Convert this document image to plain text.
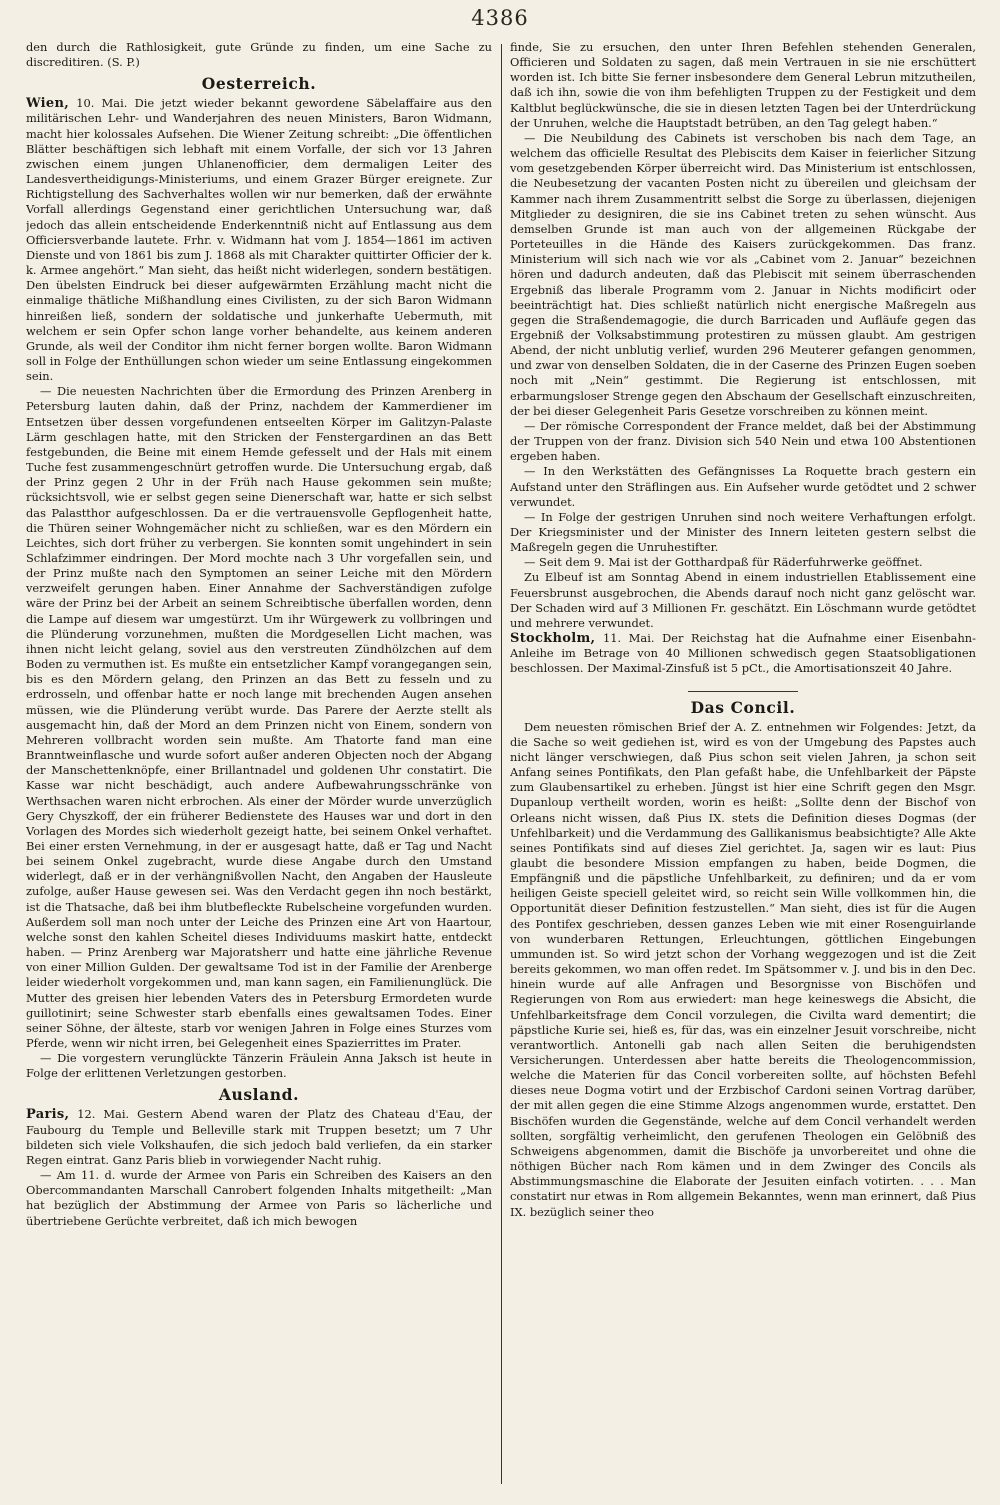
4386

den durch die Rathlosigkeit, gute Gründe zu finden, um eine Sache zu discreditiren. (S. P.)

Oesterreich.

Wien, 10. Mai. Die jetzt wieder bekannt gewordene Säbelaffaire aus den militärischen Lehr- und Wanderjahren des neuen Ministers, Baron Widmann, macht hier kolossales Aufsehen. Die Wiener Zeitung schreibt: „Die öffentlichen Blätter beschäftigen sich lebhaft mit einem Vorfalle, der sich vor 13 Jahren zwischen einem jungen Uhlanenofficier, dem dermaligen Leiter des Landesvertheidigungs-Ministeriums, und einem Grazer Bürger ereignete. Zur Richtigstellung des Sachverhaltes wollen wir nur bemerken, daß der erwähnte Vorfall allerdings Gegenstand einer gerichtlichen Untersuchung war, daß jedoch das allein entscheidende Enderkenntniß nicht auf Entlassung aus dem Officiersverbande lautete. Frhr. v. Widmann hat vom J. 1854—1861 im activen Dienste und von 1861 bis zum J. 1868 als mit Charakter quittirter Officier der k. k. Armee angehört.“ Man sieht, das heißt nicht widerlegen, sondern bestätigen. Den übelsten Eindruck bei dieser aufgewärmten Erzählung macht nicht die einmalige thätliche Mißhandlung eines Civilisten, zu der sich Baron Widmann hinreißen ließ, sondern der soldatische und junkerhafte Uebermuth, mit welchem er sein Opfer schon lange vorher behandelte, aus keinem anderen Grunde, als weil der Conditor ihm nicht ferner borgen wollte. Baron Widmann soll in Folge der Enthüllungen schon wieder um seine Entlassung eingekommen sein.

— Die neuesten Nachrichten über die Ermordung des Prinzen Arenberg in Petersburg lauten dahin, daß der Prinz, nachdem der Kammerdiener im Entsetzen über dessen vorgefundenen entseelten Körper im Galitzyn-Palaste Lärm geschlagen hatte, mit den Stricken der Fenstergardinen an das Bett festgebunden, die Beine mit einem Hemde gefesselt und der Hals mit einem Tuche fest zusammengeschnürt getroffen wurde. Die Untersuchung ergab, daß der Prinz gegen 2 Uhr in der Früh nach Hause gekommen sein mußte; rücksichtsvoll, wie er selbst gegen seine Dienerschaft war, hatte er sich selbst das Palastthor aufgeschlossen. Da er die vertrauensvolle Gepflogenheit hatte, die Thüren seiner Wohngemächer nicht zu schließen, war es den Mördern ein Leichtes, sich dort früher zu verbergen. Sie konnten somit ungehindert in sein Schlafzimmer eindringen. Der Mord mochte nach 3 Uhr vorgefallen sein, und der Prinz mußte nach den Symptomen an seiner Leiche mit den Mördern verzweifelt gerungen haben. Einer Annahme der Sachverständigen zufolge wäre der Prinz bei der Arbeit an seinem Schreibtische überfallen worden, denn die Lampe auf diesem war umgestürzt. Um ihr Würgewerk zu vollbringen und die Plünderung vorzunehmen, mußten die Mordgesellen Licht machen, was ihnen nicht leicht gelang, soviel aus den verstreuten Zündhölzchen auf dem Boden zu vermuthen ist. Es mußte ein entsetzlicher Kampf vorangegangen sein, bis es den Mördern gelang, den Prinzen an das Bett zu fesseln und zu erdrosseln, und offenbar hatte er noch lange mit brechenden Augen ansehen müssen, wie die Plünderung verübt wurde. Das Parere der Aerzte stellt als ausgemacht hin, daß der Mord an dem Prinzen nicht von Einem, sondern von Mehreren vollbracht worden sein mußte. Am Thatorte fand man eine Branntweinflasche und wurde sofort außer anderen Objecten noch der Abgang der Manschettenknöpfe, einer Brillantnadel und goldenen Uhr constatirt. Die Kasse war nicht beschädigt, auch andere Aufbewahrungsschränke von Werthsachen waren nicht erbrochen. Als einer der Mörder wurde unverzüglich Gery Chyszkoff, der ein früherer Bedienstete des Hauses war und dort in den Vorlagen des Mordes sich wiederholt gezeigt hatte, bei seinem Onkel verhaftet. Bei einer ersten Vernehmung, in der er ausgesagt hatte, daß er Tag und Nacht bei seinem Onkel zugebracht, wurde diese Angabe durch den Umstand widerlegt, daß er in der verhängnißvollen Nacht, den Angaben der Hausleute zufolge, außer Hause gewesen sei. Was den Verdacht gegen ihn noch bestärkt, ist die Thatsache, daß bei ihm blutbefleckte Rubelscheine vorgefunden wurden. Außerdem soll man noch unter der Leiche des Prinzen eine Art von Haartour, welche sonst den kahlen Scheitel dieses Individuums maskirt hatte, entdeckt haben. — Prinz Arenberg war Majoratsherr und hatte eine jährliche Revenue von einer Million Gulden. Der gewaltsame Tod ist in der Familie der Arenberge leider wiederholt vorgekommen und, man kann sagen, ein Familienunglück. Die Mutter des greisen hier lebenden Vaters des in Petersburg Ermordeten wurde guillotinirt; seine Schwester starb ebenfalls eines gewaltsamen Todes. Einer seiner Söhne, der älteste, starb vor wenigen Jahren in Folge eines Sturzes vom Pferde, wenn wir nicht irren, bei Gelegenheit eines Spazierrittes im Prater.

— Die vorgestern verunglückte Tänzerin Fräulein Anna Jaksch ist heute in Folge der erlittenen Verletzungen gestorben.

Ausland.

Paris, 12. Mai. Gestern Abend waren der Platz des Chateau d'Eau, der Faubourg du Temple und Belleville stark mit Truppen besetzt; um 7 Uhr bildeten sich viele Volkshaufen, die sich jedoch bald verliefen, da ein starker Regen eintrat. Ganz Paris blieb in vorwiegender Nacht ruhig.

— Am 11. d. wurde der Armee von Paris ein Schreiben des Kaisers an den Obercommandanten Marschall Canrobert folgenden Inhalts mitgetheilt: „Man hat bezüglich der Abstimmung der Armee von Paris so lächerliche und übertriebene Gerüchte verbreitet, daß ich mich bewogen

finde, Sie zu ersuchen, den unter Ihren Befehlen stehenden Generalen, Officieren und Soldaten zu sagen, daß mein Vertrauen in sie nie erschüttert worden ist. Ich bitte Sie ferner insbesondere dem General Lebrun mitzutheilen, daß ich ihn, sowie die von ihm befehligten Truppen zu der Festigkeit und dem Kaltblut beglückwünsche, die sie in diesen letzten Tagen bei der Unterdrückung der Unruhen, welche die Hauptstadt betrüben, an den Tag gelegt haben.“

— Die Neubildung des Cabinets ist verschoben bis nach dem Tage, an welchem das officielle Resultat des Plebiscits dem Kaiser in feierlicher Sitzung vom gesetzgebenden Körper überreicht wird. Das Ministerium ist entschlossen, die Neubesetzung der vacanten Posten nicht zu übereilen und gleichsam der Kammer nach ihrem Zusammentritt selbst die Sorge zu überlassen, diejenigen Mitglieder zu designiren, die sie ins Cabinet treten zu sehen wünscht. Aus demselben Grunde ist man auch von der allgemeinen Rückgabe der Porteteuilles in die Hände des Kaisers zurückgekommen. Das franz. Ministerium will sich nach wie vor als „Cabinet vom 2. Januar“ bezeichnen hören und dadurch andeuten, daß das Plebiscit mit seinem überraschenden Ergebniß das liberale Programm vom 2. Januar in Nichts modificirt oder beeinträchtigt hat. Dies schließt natürlich nicht energische Maßregeln aus gegen die Straßendemagogie, die durch Barricaden und Aufläufe gegen das Ergebniß der Volksabstimmung protestiren zu müssen glaubt. Am gestrigen Abend, der nicht unblutig verlief, wurden 296 Meuterer gefangen genommen, und zwar von denselben Soldaten, die in der Caserne des Prinzen Eugen soeben noch mit „Nein“ gestimmt. Die Regierung ist entschlossen, mit erbarmungsloser Strenge gegen den Abschaum der Gesellschaft einzuschreiten, der bei dieser Gelegenheit Paris Gesetze vorschreiben zu können meint.

— Der römische Correspondent der France meldet, daß bei der Abstimmung der Truppen von der franz. Division sich 540 Nein und etwa 100 Abstentionen ergeben haben.

— In den Werkstätten des Gefängnisses La Roquette brach gestern ein Aufstand unter den Sträflingen aus. Ein Aufseher wurde getödtet und 2 schwer verwundet.

— In Folge der gestrigen Unruhen sind noch weitere Verhaftungen erfolgt. Der Kriegsminister und der Minister des Innern leiteten gestern selbst die Maßregeln gegen die Unruhestifter.

— Seit dem 9. Mai ist der Gotthardpaß für Räderfuhrwerke geöffnet.

Zu Elbeuf ist am Sonntag Abend in einem industriellen Etablissement eine Feuersbrunst ausgebrochen, die Abends darauf noch nicht ganz gelöscht war. Der Schaden wird auf 3 Millionen Fr. geschätzt. Ein Löschmann wurde getödtet und mehrere verwundet.

Stockholm, 11. Mai. Der Reichstag hat die Aufnahme einer Eisenbahn-Anleihe im Betrage von 40 Millionen schwedisch gegen Staatsobligationen beschlossen. Der Maximal-Zinsfuß ist 5 pCt., die Amortisationszeit 40 Jahre.

Das Concil.

Dem neuesten römischen Brief der A. Z. entnehmen wir Folgendes: Jetzt, da die Sache so weit gediehen ist, wird es von der Umgebung des Papstes auch nicht länger verschwiegen, daß Pius schon seit vielen Jahren, ja schon seit Anfang seines Pontifikats, den Plan gefaßt habe, die Unfehlbarkeit der Päpste zum Glaubensartikel zu erheben. Jüngst ist hier eine Schrift gegen den Msgr. Dupanloup vertheilt worden, worin es heißt: „Sollte denn der Bischof von Orleans nicht wissen, daß Pius IX. stets die Definition dieses Dogmas (der Unfehlbarkeit) und die Verdammung des Gallikanismus beabsichtigte? Alle Akte seines Pontifikats sind auf dieses Ziel gerichtet. Ja, sagen wir es laut: Pius glaubt die besondere Mission empfangen zu haben, beide Dogmen, die Empfängniß und die päpstliche Unfehlbarkeit, zu definiren; und da er vom heiligen Geiste speciell geleitet wird, so reicht sein Wille vollkommen hin, die Opportunität dieser Definition festzustellen.“ Man sieht, dies ist für die Augen des Pontifex geschrieben, dessen ganzes Leben wie mit einer Rosenguirlande von wunderbaren Rettungen, Erleuchtungen, göttlichen Eingebungen ummunden ist. So wird jetzt schon der Vorhang weggezogen und ist die Zeit bereits gekommen, wo man offen redet. Im Spätsommer v. J. und bis in den Dec. hinein wurde auf alle Anfragen und Besorgnisse von Bischöfen und Regierungen von Rom aus erwiedert: man hege keineswegs die Absicht, die Unfehlbarkeitsfrage dem Concil vorzulegen, die Civilta ward dementirt; die päpstliche Kurie sei, hieß es, für das, was ein einzelner Jesuit vorschreibe, nicht verantwortlich. Antonelli gab nach allen Seiten die beruhigendsten Versicherungen. Unterdessen aber hatte bereits die Theologencommission, welche die Materien für das Concil vorbereiten sollte, auf höchsten Befehl dieses neue Dogma votirt und der Erzbischof Cardoni seinen Vortrag darüber, der mit allen gegen die eine Stimme Alzogs angenommen wurde, erstattet. Den Bischöfen wurden die Gegenstände, welche auf dem Concil verhandelt werden sollten, sorgfältig verheimlicht, den gerufenen Theologen ein Gelöbniß des Schweigens abgenommen, damit die Bischöfe ja unvorbereitet und ohne die nöthigen Bücher nach Rom kämen und in dem Zwinger des Concils als Abstimmungsmaschine die Elaborate der Jesuiten einfach votirten. . . . Man constatirt nur etwas in Rom allgemein Bekanntes, wenn man erinnert, daß Pius IX. bezüglich seiner theo
